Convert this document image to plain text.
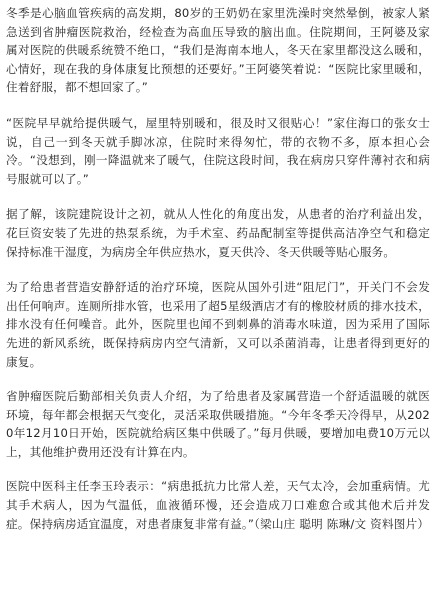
冬季是心脑血管疾病的高发期，80岁的王奶奶在家里洗澡时突然晕倒，被家人紧急送到省肿瘤医院救治，经检查为高血压导致的脑出血。住院期间，王阿婆及家属对医院的供暖系统赞不绝口，“我们是海南本地人，冬天在家里都没这么暖和，心情好，现在我的身体康复比预想的还要好。”王阿婆笑着说：“医院比家里暖和，住着舒服，都不想回家了。”

“医院早早就给提供暖气，屋里特别暖和，很及时又很贴心！”家住海口的张女士说，自己一到冬天就手脚冰凉，住院时来得匆忙，带的衣物不多，原本担心会冷。“没想到，刚一降温就来了暖气，住院这段时间，我在病房只穿件薄衬衣和病号服就可以了。”

据了解，该院建院设计之初，就从人性化的角度出发，从患者的治疗利益出发，花巨资安装了先进的热泵系统，为手术室、药品配制室等提供高洁净空气和稳定保持标准干湿度，为病房全年供应热水，夏天供冷、冬天供暖等贴心服务。

为了给患者营造安静舒适的治疗环境，医院从国外引进“阻尼门”，开关门不会发出任何响声。连厕所排水管，也采用了超5星级酒店才有的橡胶材质的排水技术，排水没有任何噪音。此外，医院里也闻不到刺鼻的消毒水味道，因为采用了国际先进的新风系统，既保持病房内空气清新，又可以杀菌消毒，让患者得到更好的康复。

省肿瘤医院后勤部相关负责人介绍，为了给患者及家属营造一个舒适温暖的就医环境，每年都会根据天气变化，灵活采取供暖措施。“今年冬季天冷得早，从2020年12月10日开始，医院就给病区集中供暖了。”每月供暖，要增加电费10万元以上，其他维护费用还没有计算在内。

医院中医科主任李玉玲表示：“病患抵抗力比常人差，天气太冷，会加重病情。尤其手术病人，因为气温低，血液循环慢，还会造成刀口难愈合或其他术后并发症。保持病房适宜温度，对患者康复非常有益。”（梁山庄 聪明 陈琳/文 资料图片）
